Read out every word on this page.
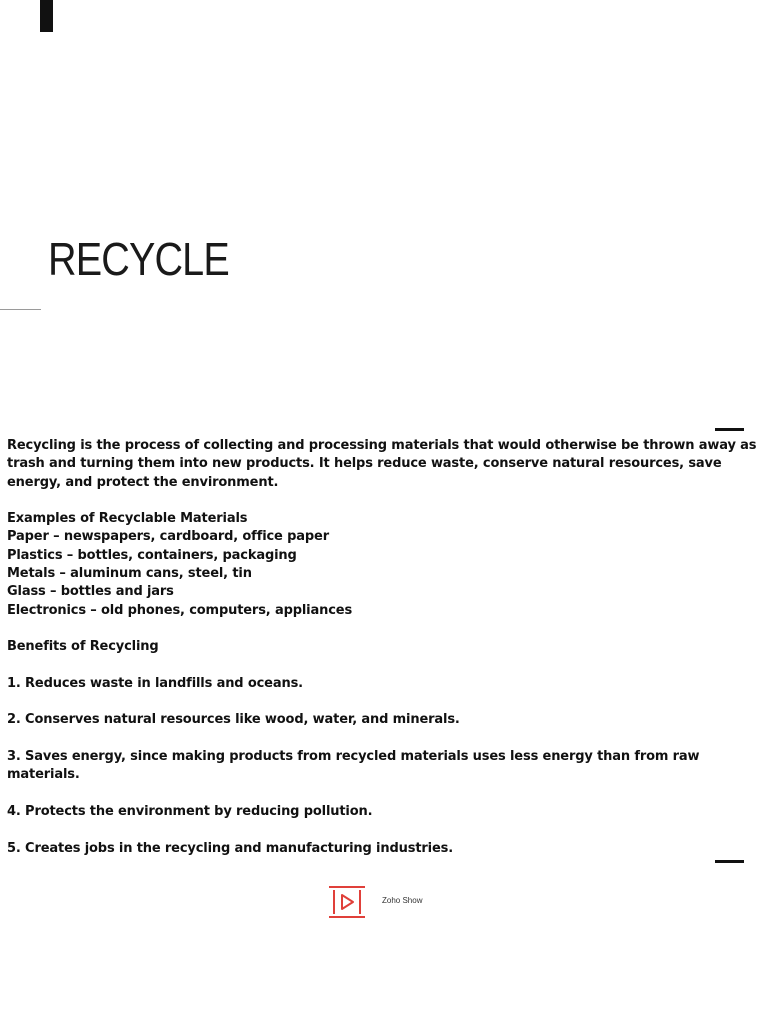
RECYCLE

Recycling is the process of collecting and processing materials that would otherwise be thrown away as trash and turning them into new products. It helps reduce waste, conserve natural resources, save energy, and protect the environment.

Examples of Recyclable Materials

Paper – newspapers, cardboard, office paper

Plastics – bottles, containers, packaging

Metals – aluminum cans, steel, tin

Glass – bottles and jars

Electronics – old phones, computers, appliances

Benefits of Recycling

1. Reduces waste in landfills and oceans.

2. Conserves natural resources like wood, water, and minerals.

3. Saves energy, since making products from recycled materials uses less energy than from raw materials.

4. Protects the environment by reducing pollution.

5. Creates jobs in the recycling and manufacturing industries.

Zoho Show
